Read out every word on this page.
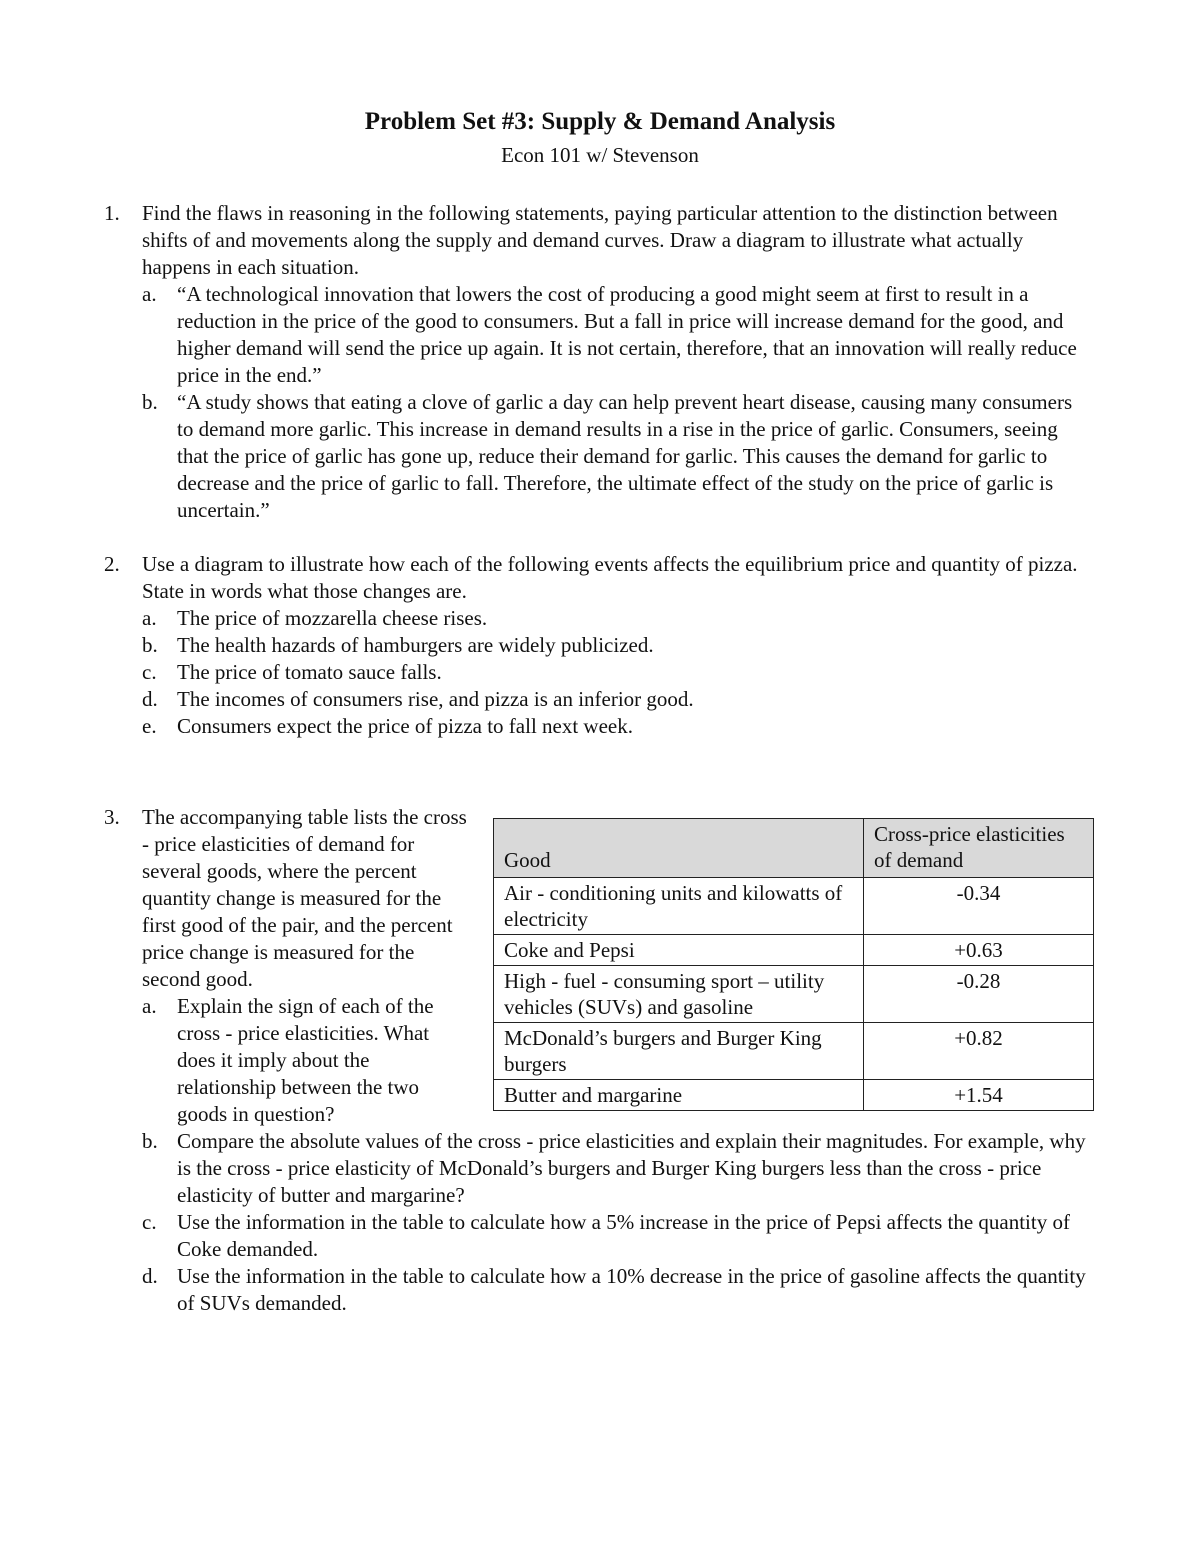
Problem Set #3: Supply & Demand Analysis
Econ 101 w/ Stevenson
1. Find the flaws in reasoning in the following statements, paying particular attention to the distinction between shifts of and movements along the supply and demand curves. Draw a diagram to illustrate what actually happens in each situation.

a. “A technological innovation that lowers the cost of producing a good might seem at first to result in a reduction in the price of the good to consumers. But a fall in price will increase demand for the good, and higher demand will send the price up again. It is not certain, therefore, that an innovation will really reduce price in the end.”
b. “A study shows that eating a clove of garlic a day can help prevent heart disease, causing many consumers to demand more garlic. This increase in demand results in a rise in the price of garlic. Consumers, seeing that the price of garlic has gone up, reduce their demand for garlic. This causes the demand for garlic to decrease and the price of garlic to fall. Therefore, the ultimate effect of the study on the price of garlic is uncertain.”
2. Use a diagram to illustrate how each of the following events affects the equilibrium price and quantity of pizza. State in words what those changes are.

a. The price of mozzarella cheese rises.
b. The health hazards of hamburgers are widely publicized.
c. The price of tomato sauce falls.
d. The incomes of consumers rise, and pizza is an inferior good.
e. Consumers expect the price of pizza to fall next week.
3. The accompanying table lists the cross - price elasticities of demand for several goods, where the percent quantity change is measured for the first good of the pair, and the percent price change is measured for the second good.

a. Explain the sign of each of the cross - price elasticities. What does it imply about the relationship between the two goods in question?
b. Compare the absolute values of the cross - price elasticities and explain their magnitudes. For example, why is the cross - price elasticity of McDonald’s burgers and Burger King burgers less than the cross - price elasticity of butter and margarine?
c. Use the information in the table to calculate how a 5% increase in the price of Pepsi affects the quantity of Coke demanded.
d. Use the information in the table to calculate how a 10% decrease in the price of gasoline affects the quantity of SUVs demanded.
Good	Cross-price elasticities of demand
Air - conditioning units and kilowatts of electricity	-0.34
Coke and Pepsi	+0.63
High - fuel - consuming sport – utility vehicles (SUVs) and gasoline	-0.28
McDonald’s burgers and Burger King burgers	+0.82
Butter and margarine	+1.54
